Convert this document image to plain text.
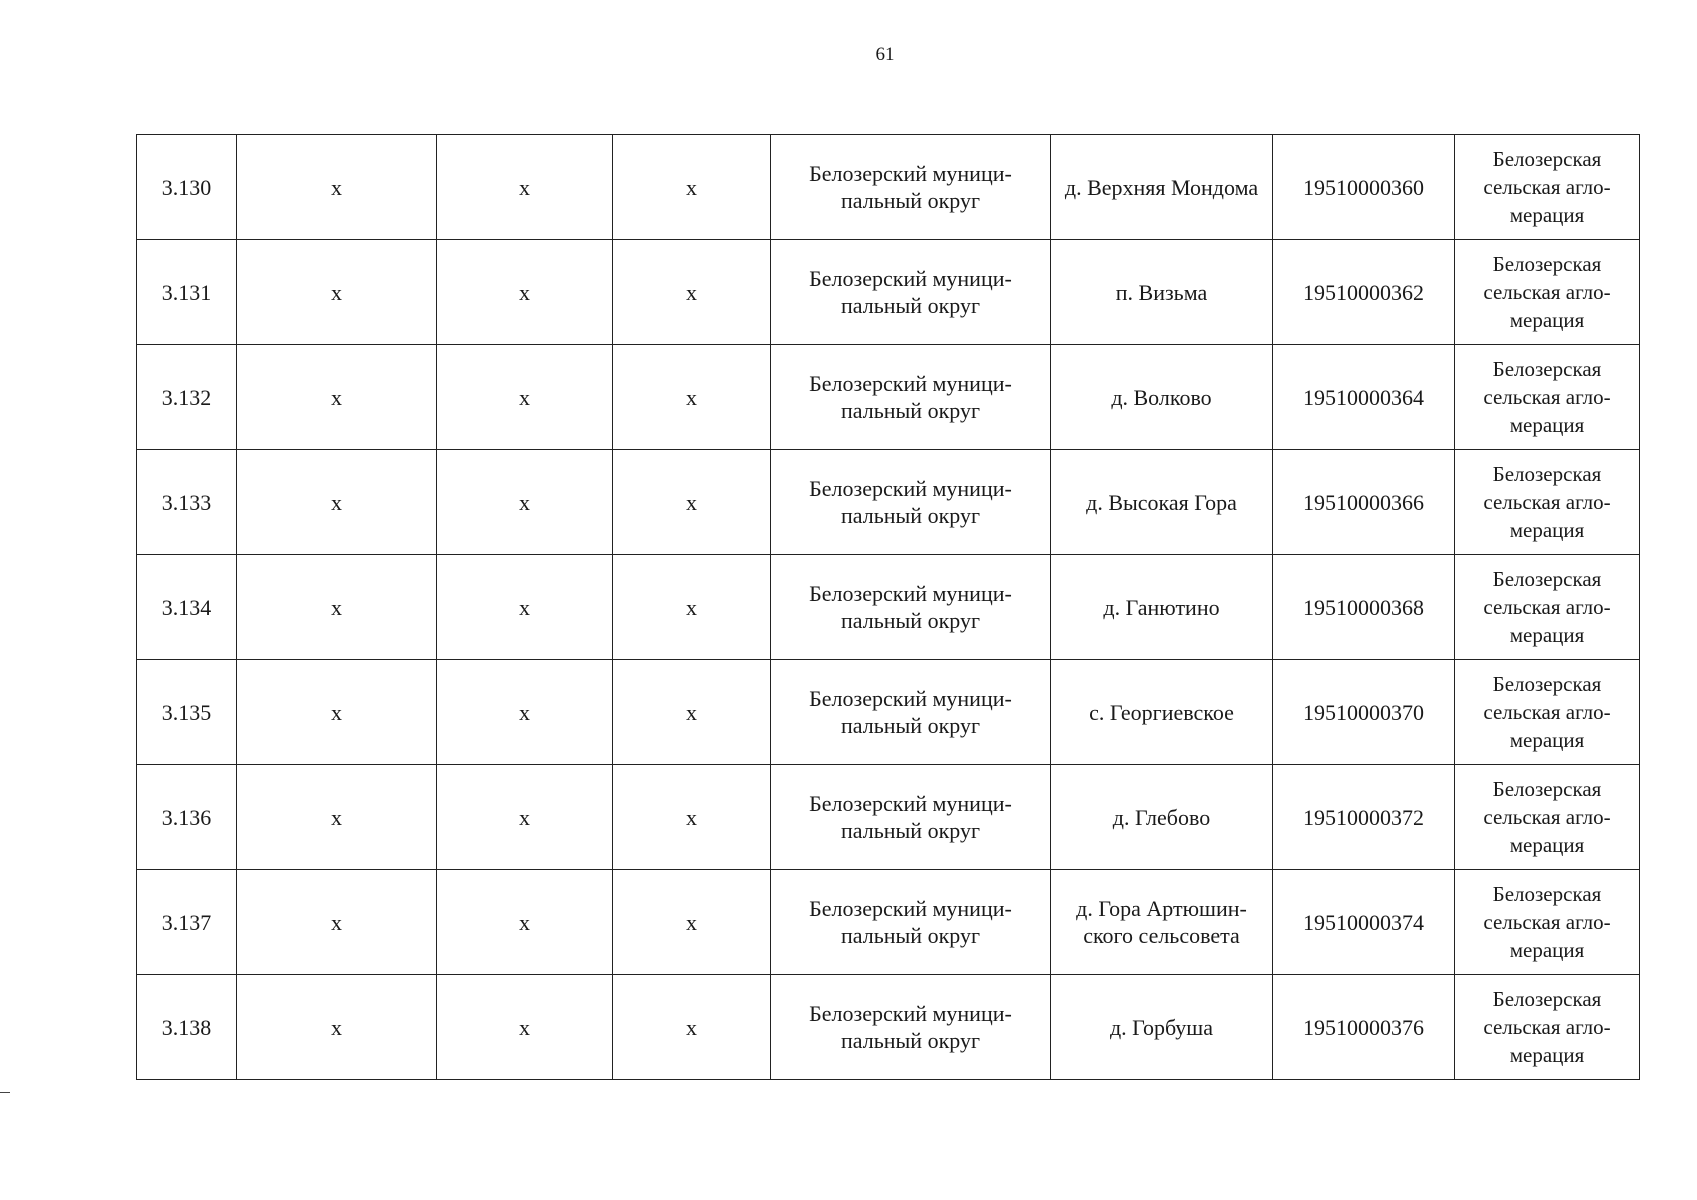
61
3.130	х	х	х	Белозерский муници-пальный округ	д. Верхняя Мондома	19510000360	Белозерская сельская агло-мерация
3.131	х	х	х	Белозерский муници-пальный округ	п. Визьма	19510000362	Белозерская сельская агло-мерация
3.132	х	х	х	Белозерский муници-пальный округ	д. Волково	19510000364	Белозерская сельская агло-мерация
3.133	х	х	х	Белозерский муници-пальный округ	д. Высокая Гора	19510000366	Белозерская сельская агло-мерация
3.134	х	х	х	Белозерский муници-пальный округ	д. Ганютино	19510000368	Белозерская сельская агло-мерация
3.135	х	х	х	Белозерский муници-пальный округ	с. Георгиевское	19510000370	Белозерская сельская агло-мерация
3.136	х	х	х	Белозерский муници-пальный округ	д. Глебово	19510000372	Белозерская сельская агло-мерация
3.137	х	х	х	Белозерский муници-пальный округ	д. Гора Артюшин-ского сельсовета	19510000374	Белозерская сельская агло-мерация
3.138	х	х	х	Белозерский муници-пальный округ	д. Горбуша	19510000376	Белозерская сельская агло-мерация
